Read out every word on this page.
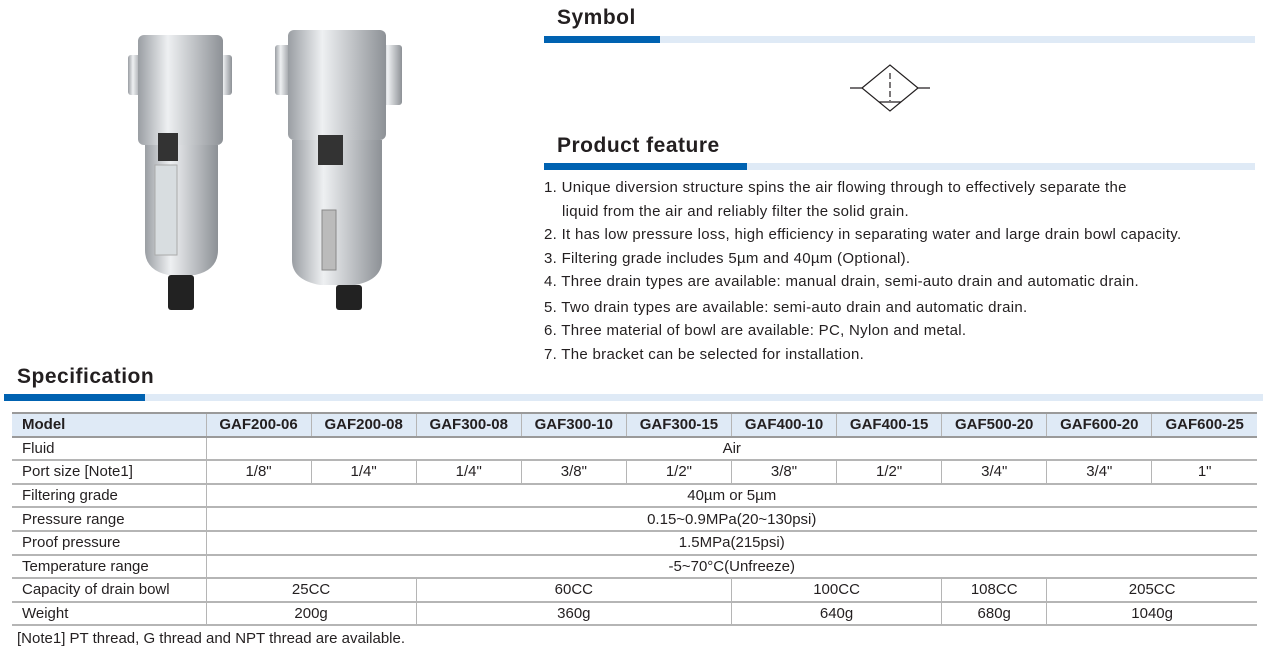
Symbol
Product feature
1. Unique diversion structure spins the air flowing through to effectively separate the
liquid from the air and reliably filter the solid grain.
2. It has low pressure loss, high efficiency in separating water and large drain bowl capacity.
3. Filtering grade includes 5µm and 40µm (Optional).
4. Three drain types are available: manual drain, semi-auto drain and automatic drain.
5. Two drain types are available: semi-auto drain and automatic drain.
6. Three material of bowl are available: PC, Nylon and metal.
7. The bracket can be selected for installation.
Specification
Model	GAF200-06	GAF200-08	GAF300-08	GAF300-10	GAF300-15	GAF400-10	GAF400-15	GAF500-20	GAF600-20	GAF600-25
Fluid	Air									
Port size [Note1]	1/8"	1/4"	1/4"	3/8"	1/2"	3/8"	1/2"	3/4"	3/4"	1"
Filtering grade	40µm or 5µm									
Pressure range	0.15~0.9MPa(20~130psi)									
Proof pressure	1.5MPa(215psi)									
Temperature range	-5~70°C(Unfreeze)									
Capacity of drain bowl	25CC		60CC			100CC		108CC	205CC	
Weight	200g		360g			640g		680g	1040g	
[Note1] PT thread, G thread and NPT thread are available.
